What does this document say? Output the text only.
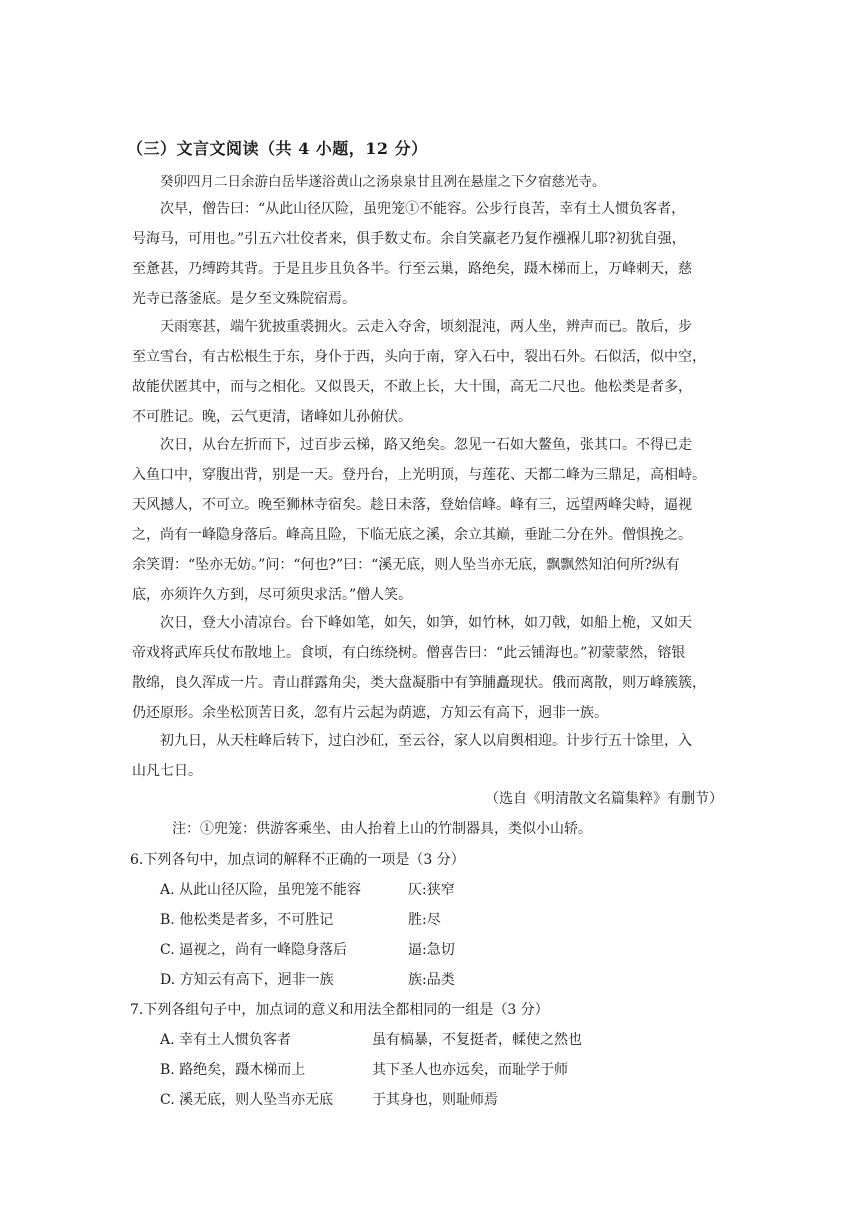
（三）文言文阅读（共 4 小题，12 分）
癸卯四月二日余游白岳毕遂浴黄山之汤泉泉甘且冽在悬崖之下夕宿慈光寺。
次早，僧告曰：“从此山径仄险，虽兜笼①不能容。公步行良苦，幸有土人惯负客者，
号海马，可用也。”引五六壮佼者来，俱手数丈布。余自笑羸老乃复作襁褓儿耶?初犹自强，
至惫甚，乃缚跨其背。于是且步且负各半。行至云巢，路绝矣，蹑木梯而上，万峰刺天，慈
光寺已落釜底。是夕至文殊院宿焉。
天雨寒甚，端午犹披重裘拥火。云走入夺舍，顷刻混沌，两人坐，辨声而已。散后，步
至立雪台，有古松根生于东，身仆于西，头向于南，穿入石中，裂出石外。石似活，似中空，
故能伏匿其中，而与之相化。又似畏天，不敢上长，大十围，高无二尺也。他松类是者多，
不可胜记。晚，云气更清，诸峰如儿孙俯伏。
次日，从台左折而下，过百步云梯，路又绝矣。忽见一石如大鳌鱼，张其口。不得已走
入鱼口中，穿腹出背，别是一天。登丹台，上光明顶，与莲花、天都二峰为三鼎足，高相峙。
天风撼人，不可立。晚至狮林寺宿矣。趁日未落，登始信峰。峰有三，远望两峰尖峙，逼视
之，尚有一峰隐身落后。峰高且险，下临无底之溪，余立其巅，垂趾二分在外。僧惧挽之。
余笑谓：“坠亦无妨。”问：“何也?”曰：“溪无底，则人坠当亦无底，飘飘然知泊何所?纵有
底，亦须许久方到，尽可须臾求活。”僧人笑。
次日，登大小清凉台。台下峰如笔，如矢，如笋，如竹林，如刀戟，如船上桅，又如天
帝戏将武库兵仗布散地上。食顷，有白练绕树。僧喜告曰：“此云铺海也。”初蒙蒙然，镕银
散绵，良久浑成一片。青山群露角尖，类大盘凝脂中有笋脯矗现状。俄而离散，则万峰簇簇，
仍还原形。余坐松顶苦日炙，忽有片云起为荫遮，方知云有高下，迥非一族。
初九日，从天柱峰后转下，过白沙矼，至云谷，家人以肩舆相迎。计步行五十馀里，入
山凡七日。
（选自《明清散文名篇集粹》有删节）
注：①兜笼：供游客乘坐、由人抬着上山的竹制器具，类似小山轿。
6.下列各句中，加点词的解释不正确的一项是（3 分）
A. 从此山径仄险，虽兜笼不能容	仄:狭窄
B. 他松类是者多，不可胜记	胜:尽
C. 逼视之，尚有一峰隐身落后	逼:急切
D. 方知云有高下，迥非一族	族:品类
7.下列各组句子中，加点词的意义和用法全都相同的一组是（3 分）
A. 幸有土人惯负客者	虽有槁暴，不复挺者，輮使之然也
B. 路绝矣，蹑木梯而上	其下圣人也亦远矣，而耻学于师
C. 溪无底，则人坠当亦无底	于其身也，则耻师焉
